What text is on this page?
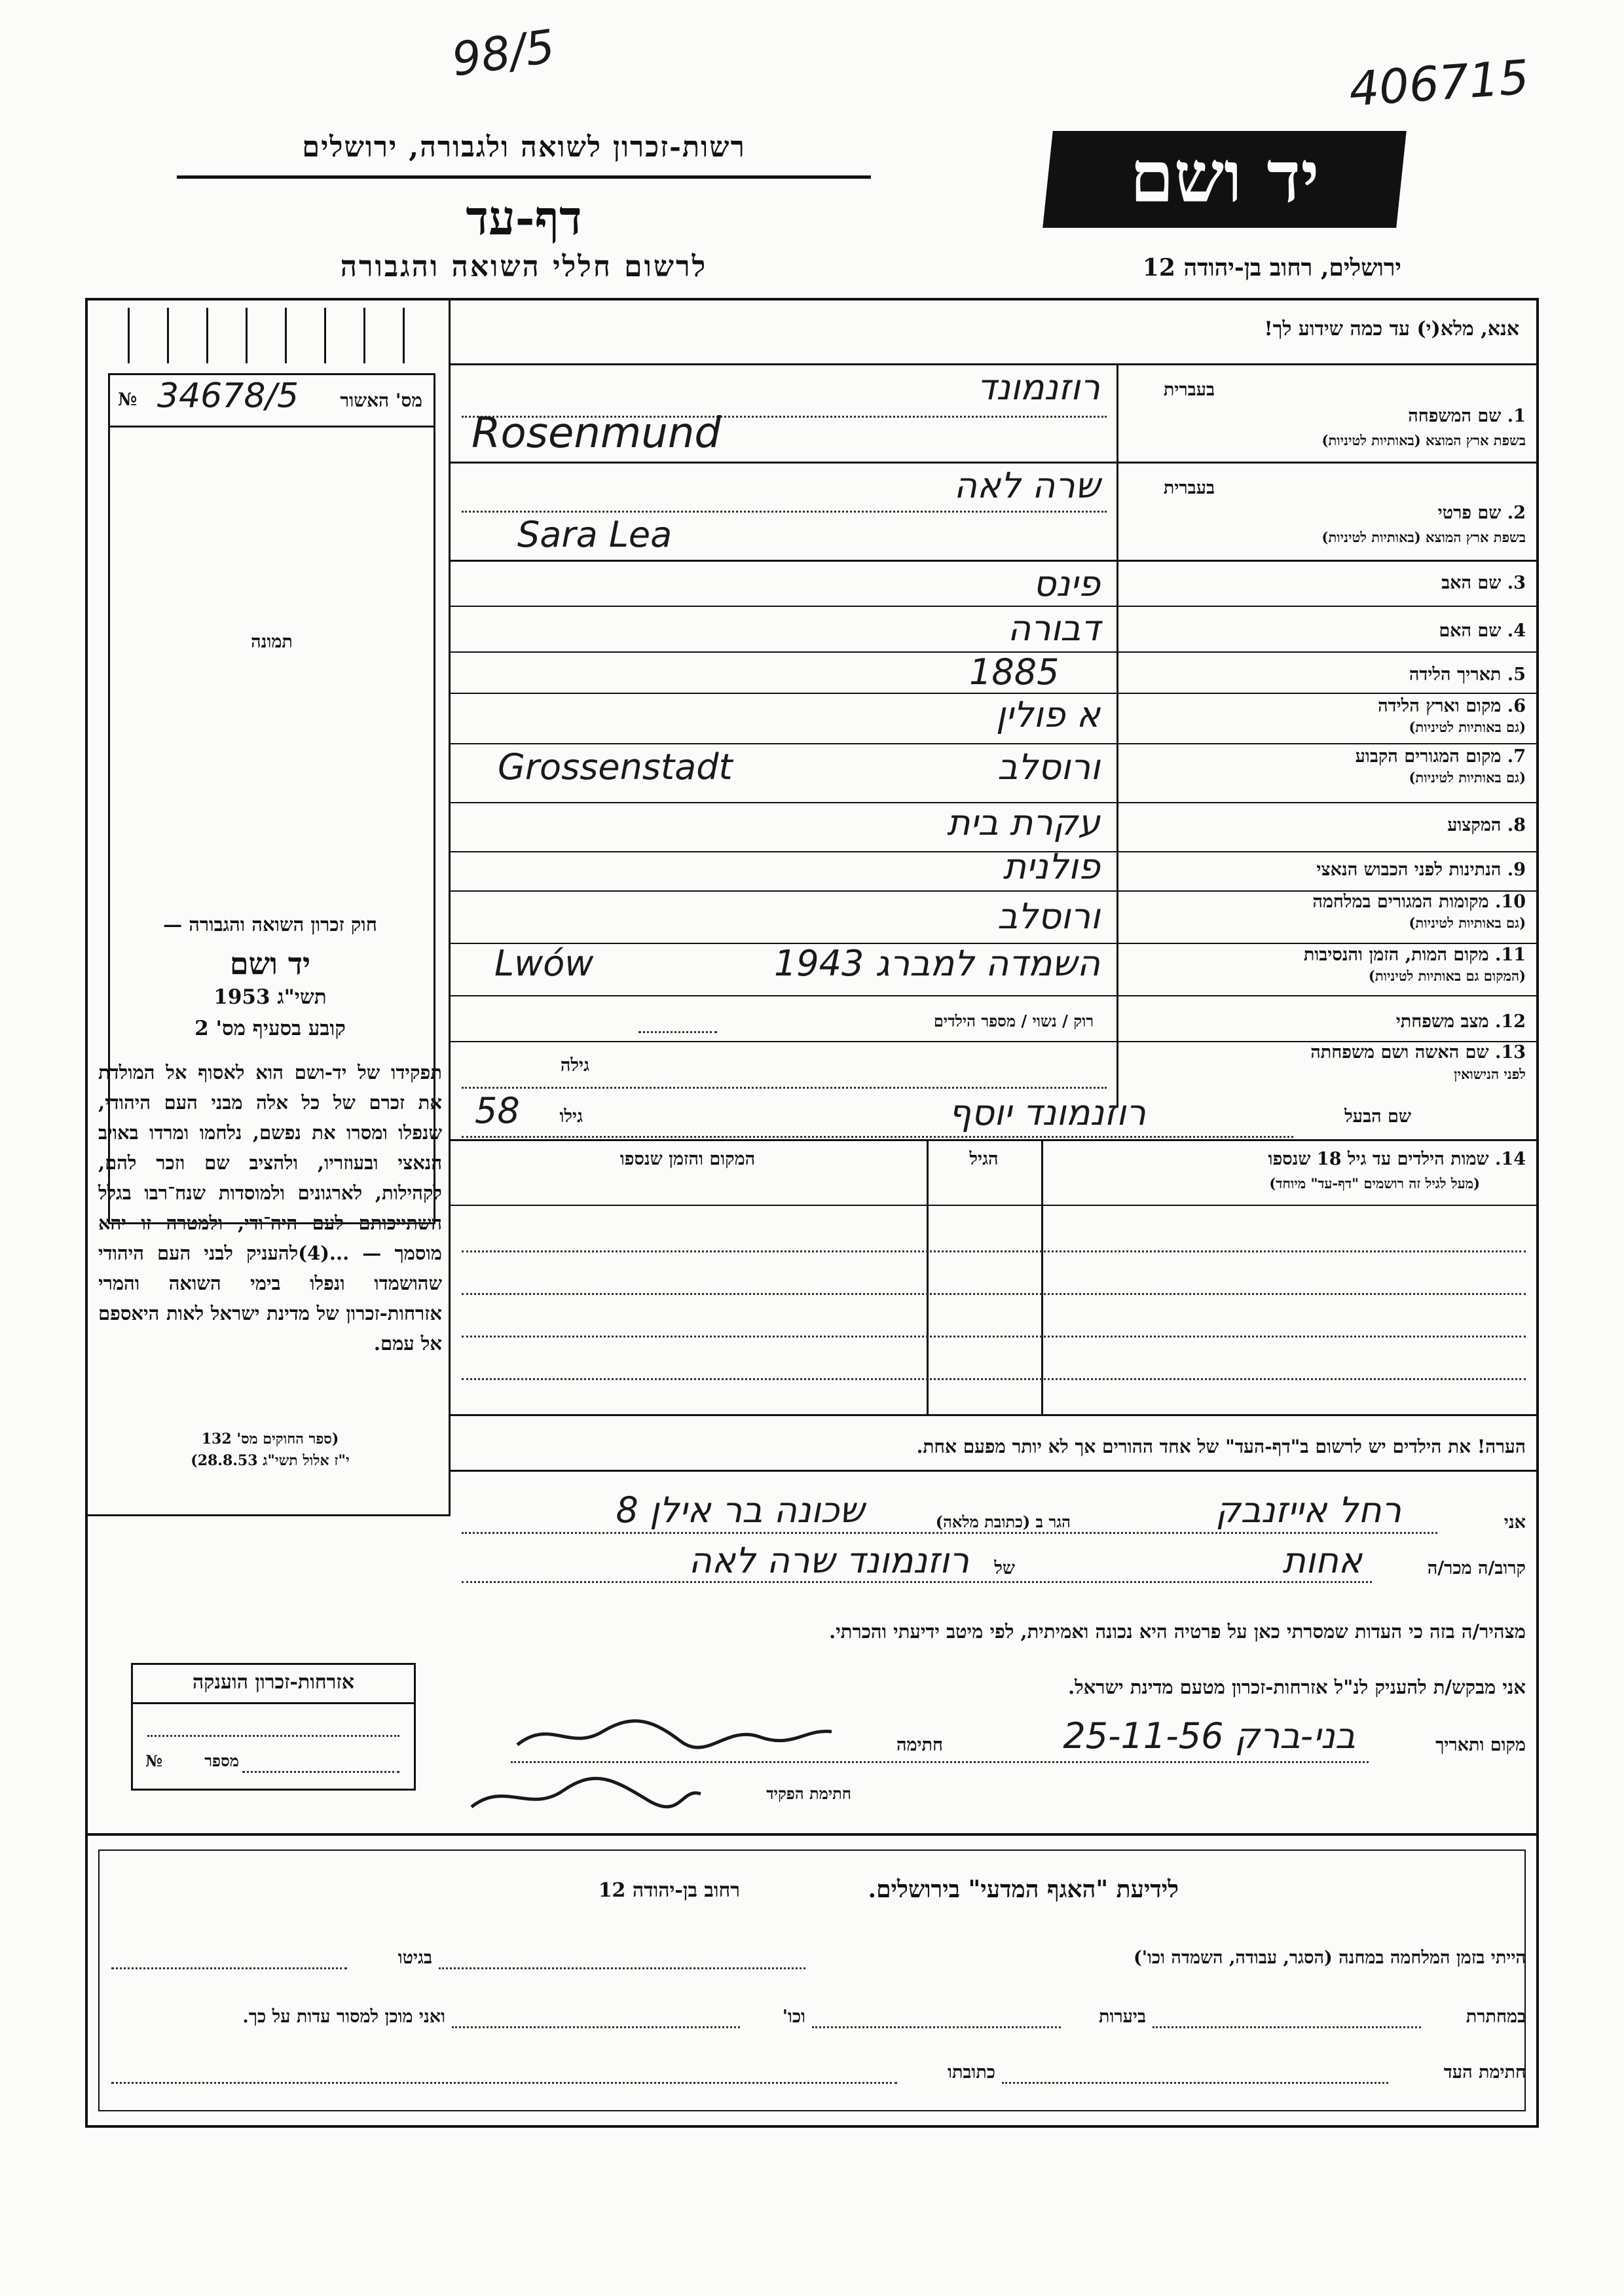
98/5	406715
רשות-זכרון לשואה ולגבורה, ירושלים
דף-עד
לרשום חללי השואה והגבורה
יד ושם
ירושלים, רחוב בן-יהודה 12
מס' האשור
34678/5
№
תמונה
חוק זכרון השואה והגבורה —
יד ושם
תשי"ג 1953
קובע בסעיף מס' 2
תפקידו של יד-ושם הוא לאסוף אל המולדת את זכרם של כל אלה מבני העם היהודי, שנפלו ומסרו את נפשם, נלחמו ומרדו באויב הנאצי ובעוזריו, ולהציב שם וזכר להם, לקהילות, לארגונים ולמוסדות שנח־רבו בגלל השתייכותם לעם היה־ודי, ולמטרה זו יהא מוסמך — ...(4)להעניק לבני העם היהודי שהושמדו ונפלו בימי השואה והמרי אזרחות-זכרון של מדינת ישראל לאות היאספם אל עמם.
(ספר החוקים מס' 132
י"ז אלול תשי"ג 28.8.53)
אזרחות-זכרון הוענקה
מספר
№
אנא, מלא(י) עד כמה שידוע לך!
בעברית
1. שם המשפחה
בשפת ארץ המוצא (באותיות לטיניות)
רוזנמונד
Rosenmund
בעברית
2. שם פרטי
בשפת ארץ המוצא (באותיות לטיניות)
שרה לאה
Sara Lea
3. שם האב
פינס
4. שם האם
דבורה
5. תאריך הלידה
1885
6. מקום וארץ הלידה
(גם באותיות לטיניות)
א פולין
7. מקום המגורים הקבוע
(גם באותיות לטיניות)
ורוסלב
Grossenstadt
8. המקצוע
עקרת בית
9. הנתינות לפני הכבוש הנאצי
פולנית
10. מקומות המגורים במלחמה
(גם באותיות לטיניות)
ורוסלב
11. מקום המות, הזמן והנסיבות
(המקום גם באותיות לטיניות)
השמדה למברג 1943
Lwów
12. מצב משפחתי
רוק / נשוי / מספר הילדים
13. שם האשה ושם משפחתה
לפני הנישואין
גילה
שם הבעל
רוזנמונד יוסף
גילו
58
14. שמות הילדים עד גיל 18 שנספו
(מעל לגיל זה רושמים "דף-עד" מיוחד)
הגיל
המקום והזמן שנספו
הערה! את הילדים יש לרשום ב"דף-העד" של אחד ההורים אך לא יותר מפעם אחת.
אני
רחל אייזנבק
הגר ב (כתובת מלאה)
שכונה בר אילן 8
קרוב/ה מכר/ה
אחות
של
רוזנמונד שרה לאה
מצהיר/ה בזה כי העדות שמסרתי כאן על פרטיה היא נכונה ואמיתית, לפי מיטב ידיעתי והכרתי.
אני מבקש/ת להעניק לנ"ל אזרחות-זכרון מטעם מדינת ישראל.
מקום ותאריך
בני-ברק 25-11-56
חתימה
חתימת הפקיד
לידיעת "האגף המדעי" בירושלים.
רחוב בן-יהודה 12
הייתי בזמן המלחמה במחנה (הסגר, עבודה, השמדה וכו')
בגיטו
במחתרת
ביערות
וכו'
ואני מוכן למסור עדות על כך.
חתימת העד
כתובתו
